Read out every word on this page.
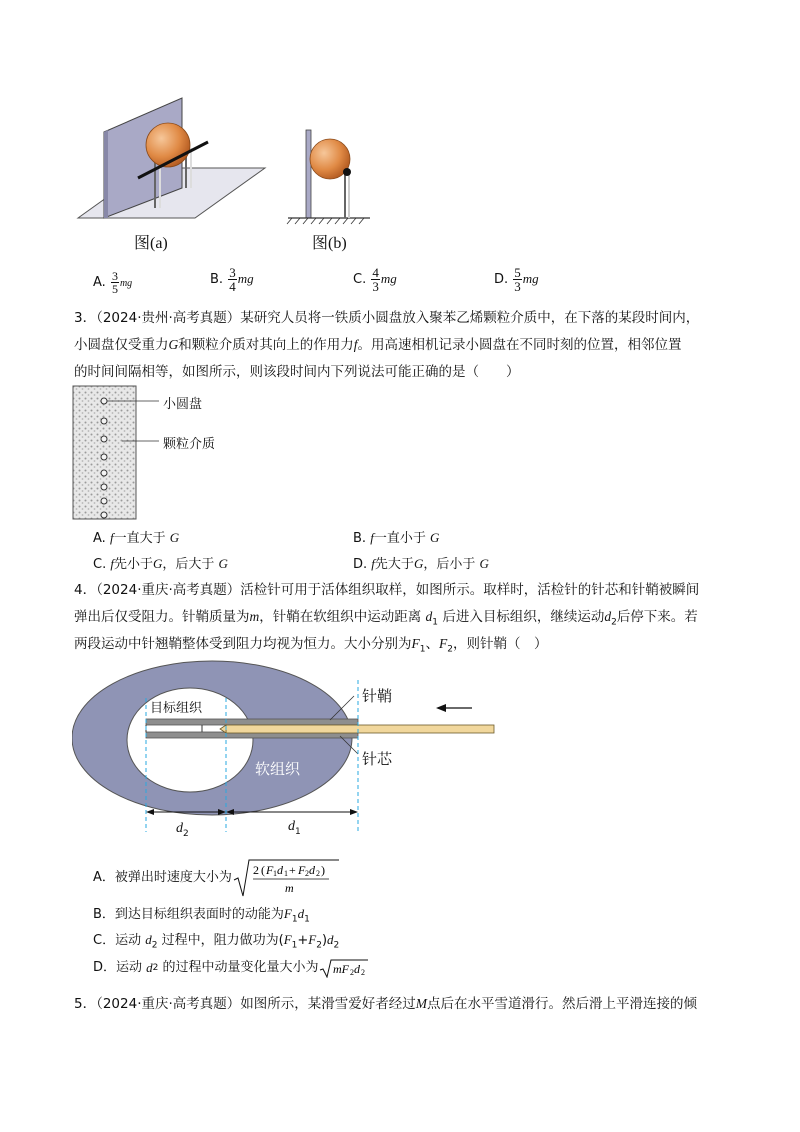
图(a)	图(b)
A. $\frac{3}{5}$ mg	B. $\frac{3}{4}$ mg	C. $\frac{4}{3}$ mg	D. $\frac{5}{3}$ mg
3．（2024·贵州·高考真题）某研究人员将一铁质小圆盘放入聚苯乙烯颗粒介质中，在下落的某段时间内，
小圆盘仅受重力G和颗粒介质对其向上的作用力f。用高速相机记录小圆盘在不同时刻的位置，相邻位置
的时间间隔相等，如图所示，则该段时间内下列说法可能正确的是（　　）
小圆盘
颗粒介质
A. f一直大于 G	B. f一直小于 G
C. f先小于G，后大于 G	D. f先大于G，后小于 G
4．（2024·重庆·高考真题）活检针可用于活体组织取样，如图所示。取样时，活检针的针芯和针鞘被瞬间
弹出后仅受阻力。针鞘质量为m，针鞘在软组织中运动距离 $d_1$ 后进入目标组织，继续运动$d_2$后停下来。若
两段运动中针翘鞘整体受到阻力均视为恒力。大小分别为$F_1$、$F_2$，则针鞘（　）
目标组织
针鞘
针芯
软组织
$d_2$	$d_1$
A．被弹出时速度大小为 2 ( F 1 d 1 + F 2 d 2 )
m
B．到达目标组织表面时的动能为$F_1d_1$
C．运动 $d_2$ 过程中，阻力做功为$(F_1+F_2)d_2$
D．运动
d 2
的过程中动量变化量大小为 mF 2 d 2
5．（2024·重庆·高考真题）如图所示，某滑雪爱好者经过M点后在水平雪道滑行。然后滑上平滑连接的倾
